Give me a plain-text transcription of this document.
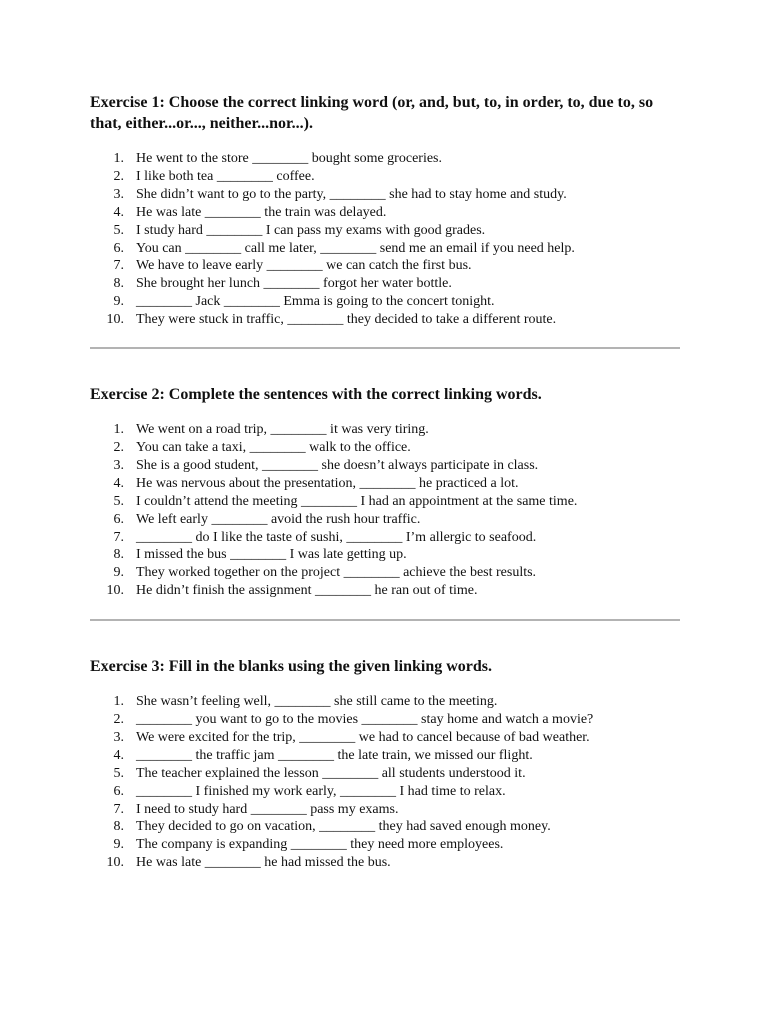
Exercise 1: Choose the correct linking word (or, and, but, to, in order, to, due to, so that, either...or..., neither...nor...).
1. He went to the store ________ bought some groceries.
2. I like both tea ________ coffee.
3. She didn’t want to go to the party, ________ she had to stay home and study.
4. He was late ________ the train was delayed.
5. I study hard ________ I can pass my exams with good grades.
6. You can ________ call me later, ________ send me an email if you need help.
7. We have to leave early ________ we can catch the first bus.
8. She brought her lunch ________ forgot her water bottle.
9. ________ Jack ________ Emma is going to the concert tonight.
10. They were stuck in traffic, ________ they decided to take a different route.
Exercise 2: Complete the sentences with the correct linking words.
1. We went on a road trip, ________ it was very tiring.
2. You can take a taxi, ________ walk to the office.
3. She is a good student, ________ she doesn’t always participate in class.
4. He was nervous about the presentation, ________ he practiced a lot.
5. I couldn’t attend the meeting ________ I had an appointment at the same time.
6. We left early ________ avoid the rush hour traffic.
7. ________ do I like the taste of sushi, ________ I’m allergic to seafood.
8. I missed the bus ________ I was late getting up.
9. They worked together on the project ________ achieve the best results.
10. He didn’t finish the assignment ________ he ran out of time.
Exercise 3: Fill in the blanks using the given linking words.
1. She wasn’t feeling well, ________ she still came to the meeting.
2. ________ you want to go to the movies ________ stay home and watch a movie?
3. We were excited for the trip, ________ we had to cancel because of bad weather.
4. ________ the traffic jam ________ the late train, we missed our flight.
5. The teacher explained the lesson ________ all students understood it.
6. ________ I finished my work early, ________ I had time to relax.
7. I need to study hard ________ pass my exams.
8. They decided to go on vacation, ________ they had saved enough money.
9. The company is expanding ________ they need more employees.
10. He was late ________ he had missed the bus.
